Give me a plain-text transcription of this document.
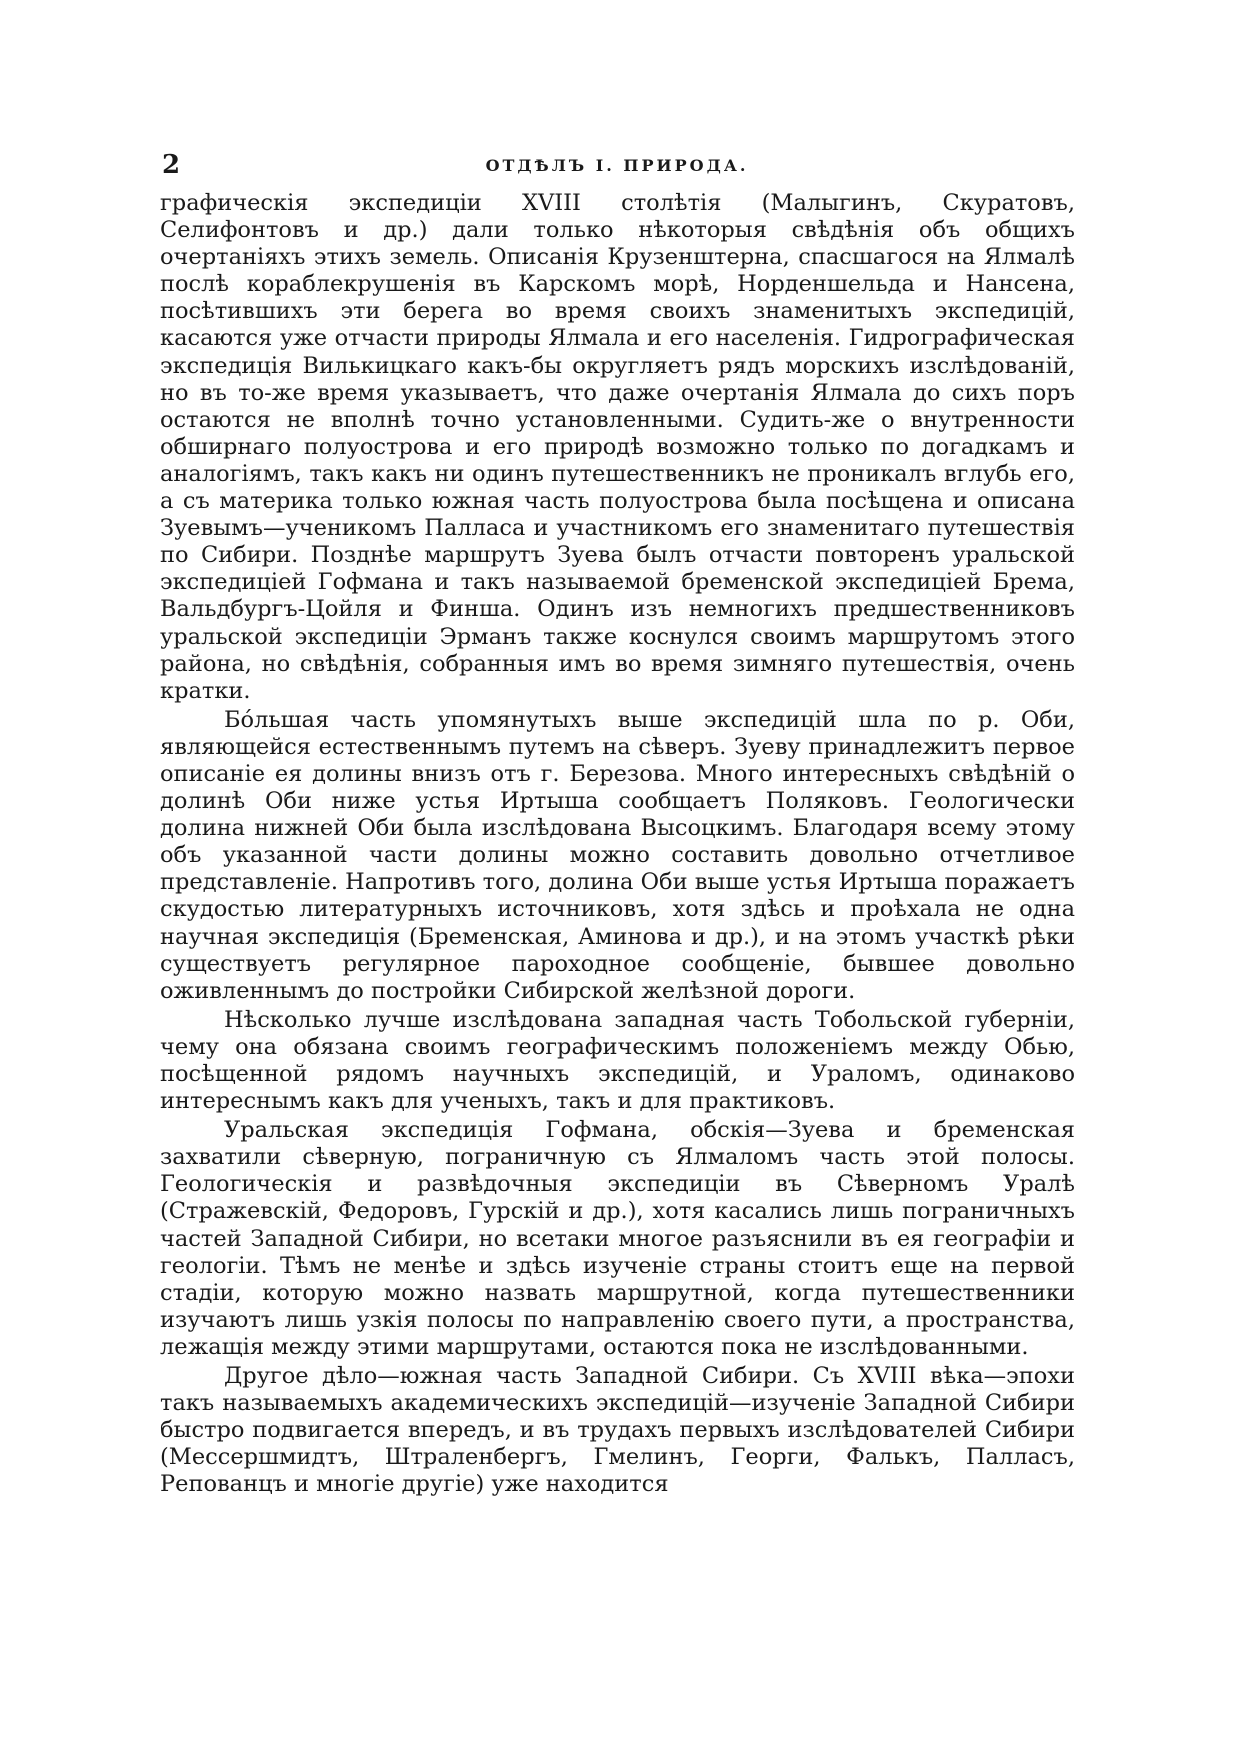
2	ОТДѢЛЪ I. ПРИРОДА.

графическія экспедиціи XVIII столѣтія (Малыгинъ, Скуратовъ, Селифонтовъ и др.) дали только нѣкоторыя свѣдѣнія объ общихъ очертаніяхъ этихъ земель. Описанія Крузенштерна, спасшагося на Ялмалѣ послѣ кораблекрушенія въ Карскомъ морѣ, Норденшельда и Нансена, посѣтившихъ эти берега во время своихъ знаменитыхъ экспедицій, касаются уже отчасти природы Ялмала и его населенія. Гидрографическая экспедиція Вилькицкаго какъ-бы округляетъ рядъ морскихъ изслѣдованій, но въ то-же время указываетъ, что даже очертанія Ялмала до сихъ поръ остаются не вполнѣ точно установленными. Судить-же о внутренности обширнаго полуострова и его природѣ возможно только по догадкамъ и аналогіямъ, такъ какъ ни одинъ путешественникъ не проникалъ вглубь его, а съ материка только южная часть полуострова была посѣщена и описана Зуевымъ—ученикомъ Палласа и участникомъ его знаменитаго путешествія по Сибири. Позднѣе маршрутъ Зуева былъ отчасти повторенъ уральской экспедиціей Гофмана и такъ называемой бременской экспедиціей Брема, Вальдбургъ-Цойля и Финша. Одинъ изъ немногихъ предшественниковъ уральской экспедиціи Эрманъ также коснулся своимъ маршрутомъ этого района, но свѣдѣнія, собранныя имъ во время зимняго путешествія, очень кратки.

Бóльшая часть упомянутыхъ выше экспедицій шла по р. Оби, являющейся естественнымъ путемъ на сѣверъ. Зуеву принадлежитъ первое описаніе ея долины внизъ отъ г. Березова. Много интересныхъ свѣдѣній о долинѣ Оби ниже устья Иртыша сообщаетъ Поляковъ. Геологически долина нижней Оби была изслѣдована Высоцкимъ. Благодаря всему этому объ указанной части долины можно составить довольно отчетливое представленіе. Напротивъ того, долина Оби выше устья Иртыша поражаетъ скудостью литературныхъ источниковъ, хотя здѣсь и проѣхала не одна научная экспедиція (Бременская, Аминова и др.), и на этомъ участкѣ рѣки существуетъ регулярное пароходное сообщеніе, бывшее довольно оживленнымъ до постройки Сибирской желѣзной дороги.

Нѣсколько лучше изслѣдована западная часть Тобольской губерніи, чему она обязана своимъ географическимъ положеніемъ между Обью, посѣщенной рядомъ научныхъ экспедицій, и Ураломъ, одинаково интереснымъ какъ для ученыхъ, такъ и для практиковъ.

Уральская экспедиція Гофмана, обскія—Зуева и бременская захватили сѣверную, пограничную съ Ялмаломъ часть этой полосы. Геологическія и развѣдочныя экспедиціи въ Сѣверномъ Уралѣ (Стражевскій, Федоровъ, Гурскій и др.), хотя касались лишь пограничныхъ частей Западной Сибири, но всетаки многое разъяснили въ ея географіи и геологіи. Тѣмъ не менѣе и здѣсь изученіе страны стоитъ еще на первой стадіи, которую можно назвать маршрутной, когда путешественники изучаютъ лишь узкія полосы по направленію своего пути, а пространства, лежащія между этими маршрутами, остаются пока не изслѣдованными.

Другое дѣло—южная часть Западной Сибири. Съ XVIII вѣка—эпохи такъ называемыхъ академическихъ экспедицій—изученіе Западной Сибири быстро подвигается впередъ, и въ трудахъ первыхъ изслѣдователей Сибири (Мессершмидтъ, Штраленбергъ, Гмелинъ, Георги, Фалькъ, Палласъ, Рeпованцъ и многіе другіе) уже находится
